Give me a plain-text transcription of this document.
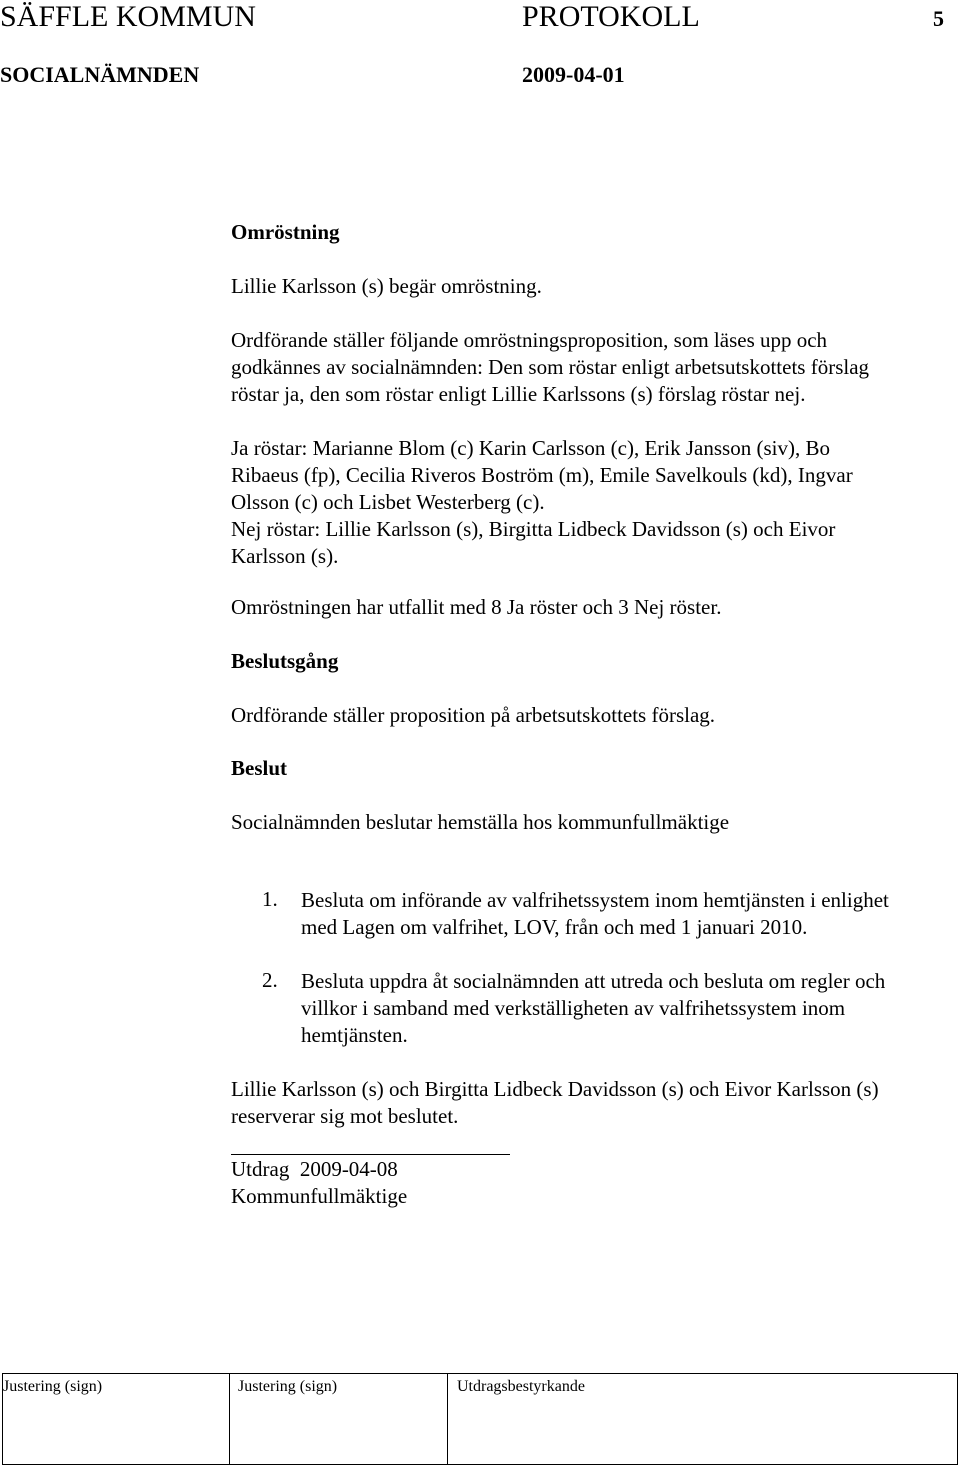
SÄFFLE KOMMUN	PROTOKOLL	5
SOCIALNÄMNDEN	2009-04-01
Omröstning
Lillie Karlsson (s) begär omröstning.

Ordförande ställer följande omröstningsproposition, som läses upp och

godkännes av socialnämnden: Den som röstar enligt arbetsutskottets förslag

röstar ja, den som röstar enligt Lillie Karlssons (s) förslag röstar nej.

Ja röstar: Marianne Blom (c) Karin Carlsson (c), Erik Jansson (siv), Bo

Ribaeus (fp), Cecilia Riveros Boström (m), Emile Savelkouls (kd), Ingvar

Olsson (c) och Lisbet Westerberg (c).

Nej röstar: Lillie Karlsson (s), Birgitta Lidbeck Davidsson (s) och Eivor

Karlsson (s).

Omröstningen har utfallit med 8 Ja röster och 3 Nej röster.
Beslutsgång
Ordförande ställer proposition på arbetsutskottets förslag.
Beslut
Socialnämnden beslutar hemställa hos kommunfullmäktige
1. Besluta om införande av valfrihetssystem inom hemtjänsten i enlighet
med Lagen om valfrihet, LOV, från och med 1 januari 2010.
2. Besluta uppdra åt socialnämnden att utreda och besluta om regler och
villkor i samband med verkställigheten av valfrihetssystem inom
hemtjänsten.

Lillie Karlsson (s) och Birgitta Lidbeck Davidsson (s) och Eivor Karlsson (s)

reserverar sig mot beslutet.

Utdrag  2009-04-08
Kommunfullmäktige
Justering (sign)	Justering (sign)	Utdragsbestyrkande
